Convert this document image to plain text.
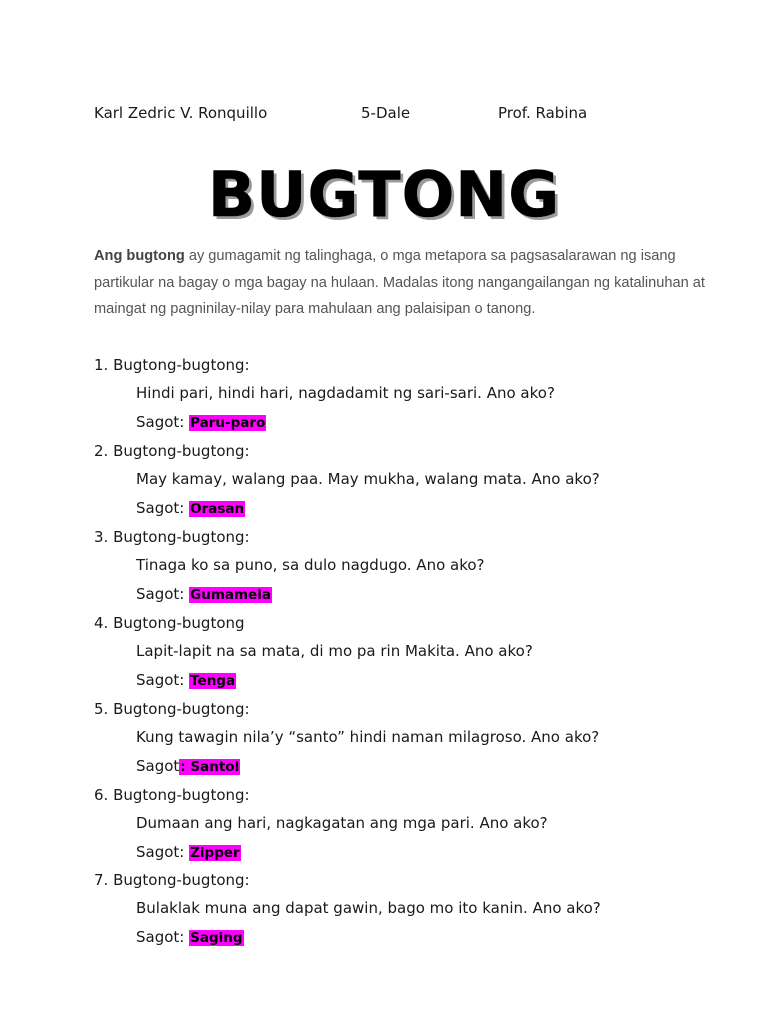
Karl Zedric V. Ronquillo	5-Dale	Prof. Rabina
BUGTONG
Ang bugtong ay gumagamit ng talinghaga, o mga metapora sa pagsasalarawan ng isang partikular na bagay o mga bagay na hulaan. Madalas itong nangangailangan ng katalinuhan at maingat ng pagninilay-nilay para mahulaan ang palaisipan o tanong.
1. Bugtong-bugtong:
Hindi pari, hindi hari, nagdadamit ng sari-sari. Ano ako?
Sagot: Paru-paro
2. Bugtong-bugtong:
May kamay, walang paa. May mukha, walang mata. Ano ako?
Sagot: Orasan
3. Bugtong-bugtong:
Tinaga ko sa puno, sa dulo nagdugo. Ano ako?
Sagot: Gumamela
4. Bugtong-bugtong
Lapit-lapit na sa mata, di mo pa rin Makita. Ano ako?
Sagot: Tenga
5. Bugtong-bugtong:
Kung tawagin nila’y “santo” hindi naman milagroso. Ano ako?
Sagot: Santol
6. Bugtong-bugtong:
Dumaan ang hari, nagkagatan ang mga pari. Ano ako?
Sagot: Zipper
7. Bugtong-bugtong:
Bulaklak muna ang dapat gawin, bago mo ito kanin. Ano ako?
Sagot: Saging
